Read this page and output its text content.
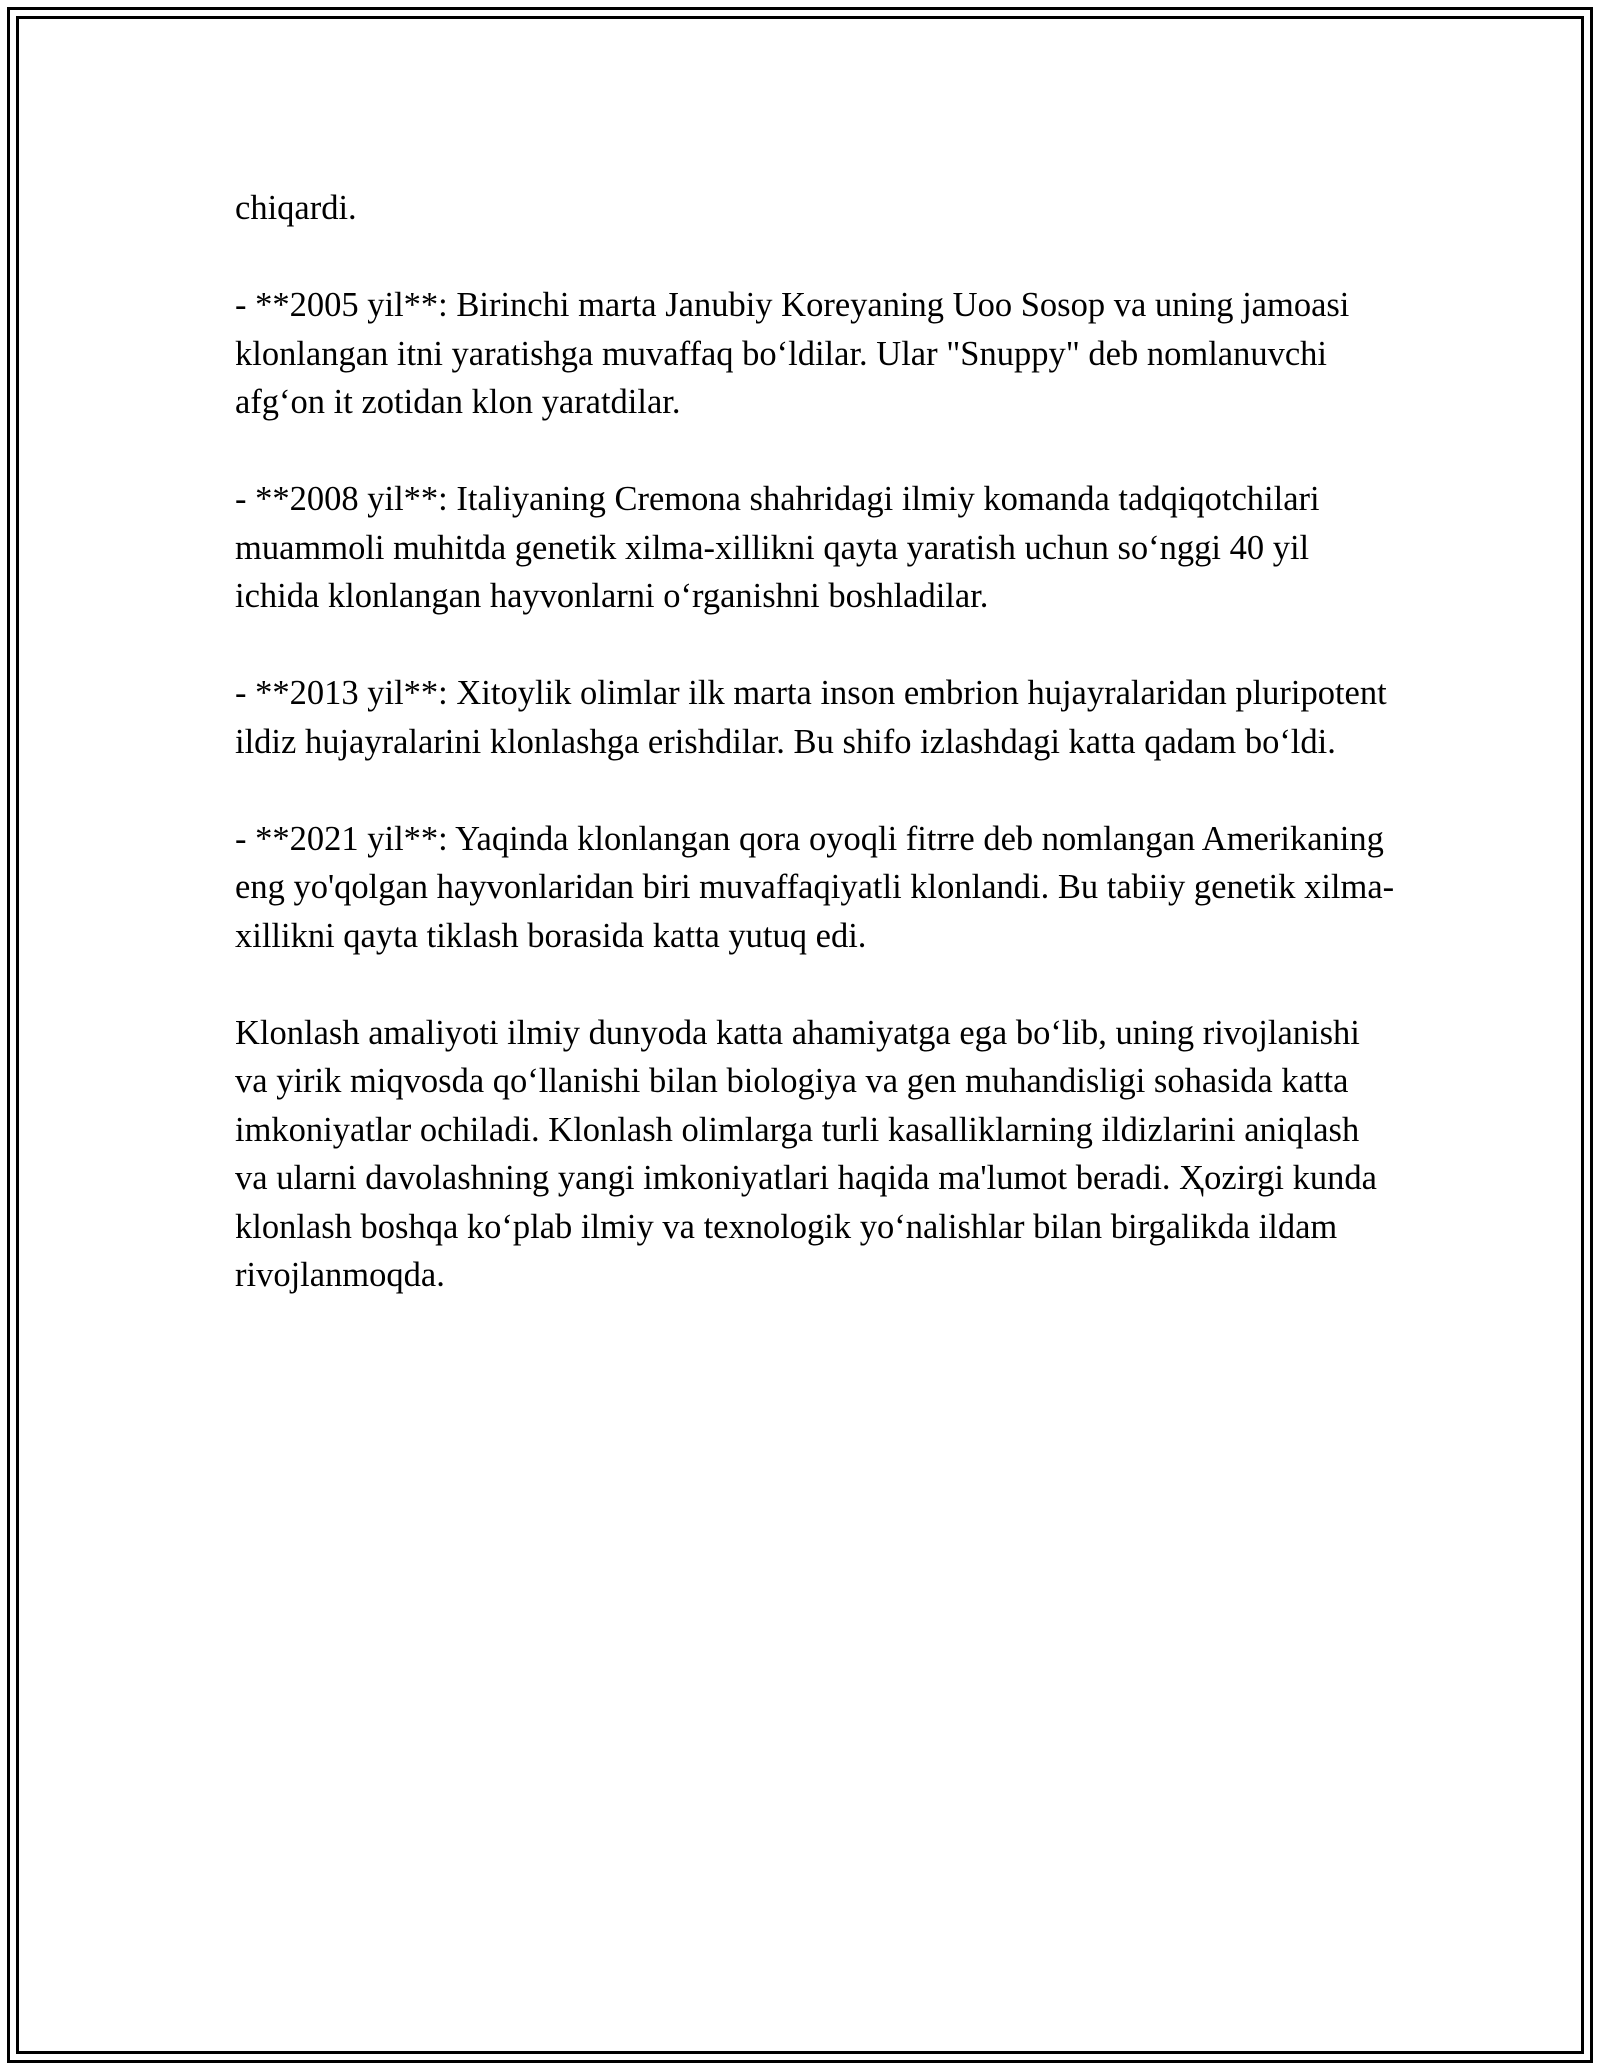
chiqardi.

- **2005 yil**: Birinchi marta Janubiy Koreyaning Uoo Sosop va uning jamoasi klonlangan itni yaratishga muvaffaq bo‘ldilar. Ular "Snuppy" deb nomlanuvchi afg‘on it zotidan klon yaratdilar.

- **2008 yil**: Italiyaning Cremona shahridagi ilmiy komanda tadqiqotchilari muammoli muhitda genetik xilma-xillikni qayta yaratish uchun so‘nggi 40 yil ichida klonlangan hayvonlarni o‘rganishni boshladilar.

- **2013 yil**: Xitoylik olimlar ilk marta inson embrion hujayralaridan pluripotent ildiz hujayralarini klonlashga erishdilar. Bu shifo izlashdagi katta qadam bo‘ldi.

- **2021 yil**: Yaqinda klonlangan qora oyoqli fitrre deb nomlangan Amerikaning eng yo'qolgan hayvonlaridan biri muvaffaqiyatli klonlandi. Bu tabiiy genetik xilma-xillikni qayta tiklash borasida katta yutuq edi.

Klonlash amaliyoti ilmiy dunyoda katta ahamiyatga ega bo‘lib, uning rivojlanishi va yirik miqvosda qo‘llanishi bilan biologiya va gen muhandisligi sohasida katta imkoniyatlar ochiladi. Klonlash olimlarga turli kasalliklarning ildizlarini aniqlash va ularni davolashning yangi imkoniyatlari haqida ma'lumot beradi. Ҳozirgi kunda klonlash boshqa ko‘plab ilmiy va texnologik yo‘nalishlar bilan birgalikda ildam rivojlanmoqda.
